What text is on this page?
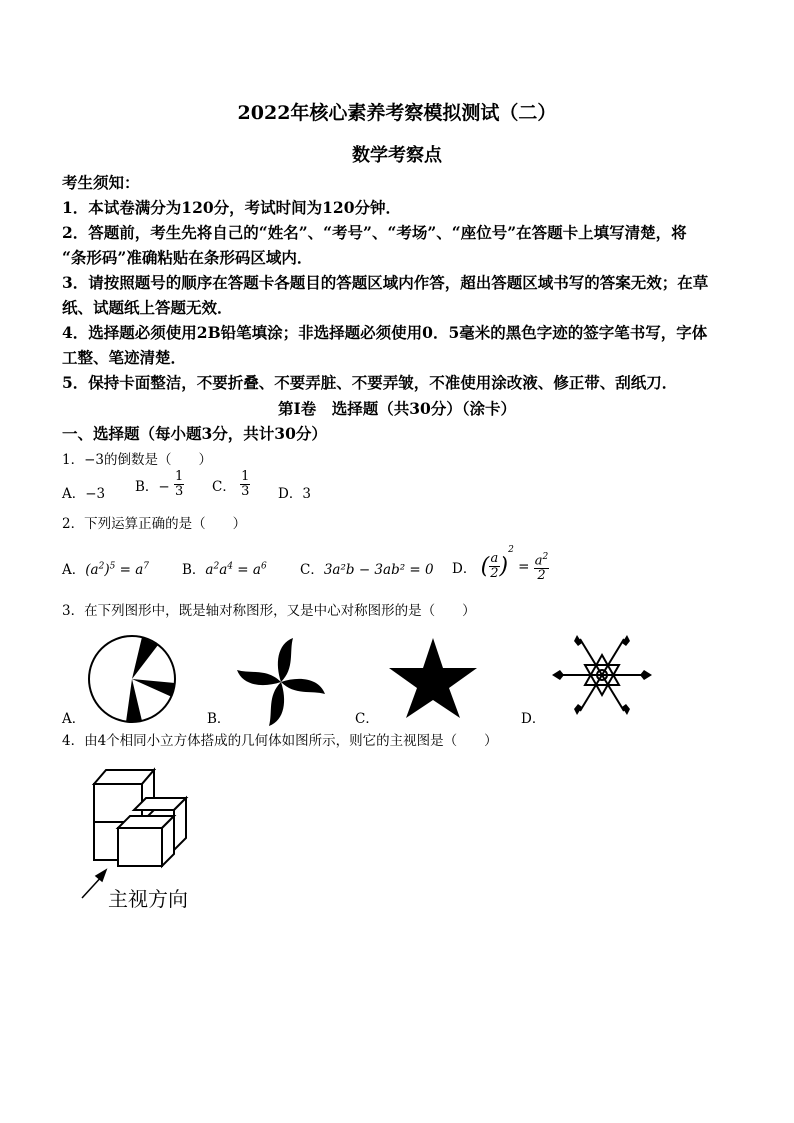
2022年核心素养考察模拟测试（二）
数学考察点
考生须知：
1．本试卷满分为120分，考试时间为120分钟．
2．答题前，考生先将自己的“姓名”、“考号”、“考场”、“座位号”在答题卡上填写清楚，将
“条形码”准确粘贴在条形码区域内．
3．请按照题号的顺序在答题卡各题目的答题区域内作答，超出答题区域书写的答案无效；在草
纸、试题纸上答题无效．
4．选择题必须使用2B铅笔填涂；非选择题必须使用0．5毫米的黑色字迹的签字笔书写，字体
工整、笔迹清楚．
5．保持卡面整洁，不要折叠、不要弄脏、不要弄皱，不准使用涂改液、修正带、刮纸刀．
第Ⅰ卷　选择题（共30分）（涂卡）
一、选择题（每小题3分，共计30分）
1．−3的倒数是（　　）
A．−3 B．− $\frac{1}{3}$ C． $\frac{1}{3}$ D．3
2．下列运算正确的是（　　）
A．$(a^2)^5 = a^7$ B．$a^2a^4 = a^6$ C．3a²b − 3ab² = 0 D． ( $\frac{a}{2} )^2 = \frac{a^2}{2}$
3．在下列图形中，既是轴对称图形，又是中心对称图形的是（　　）
A．	B．	C．	D．
4．由4个相同小立方体搭成的几何体如图所示，则它的主视图是（　　）
主视方向
